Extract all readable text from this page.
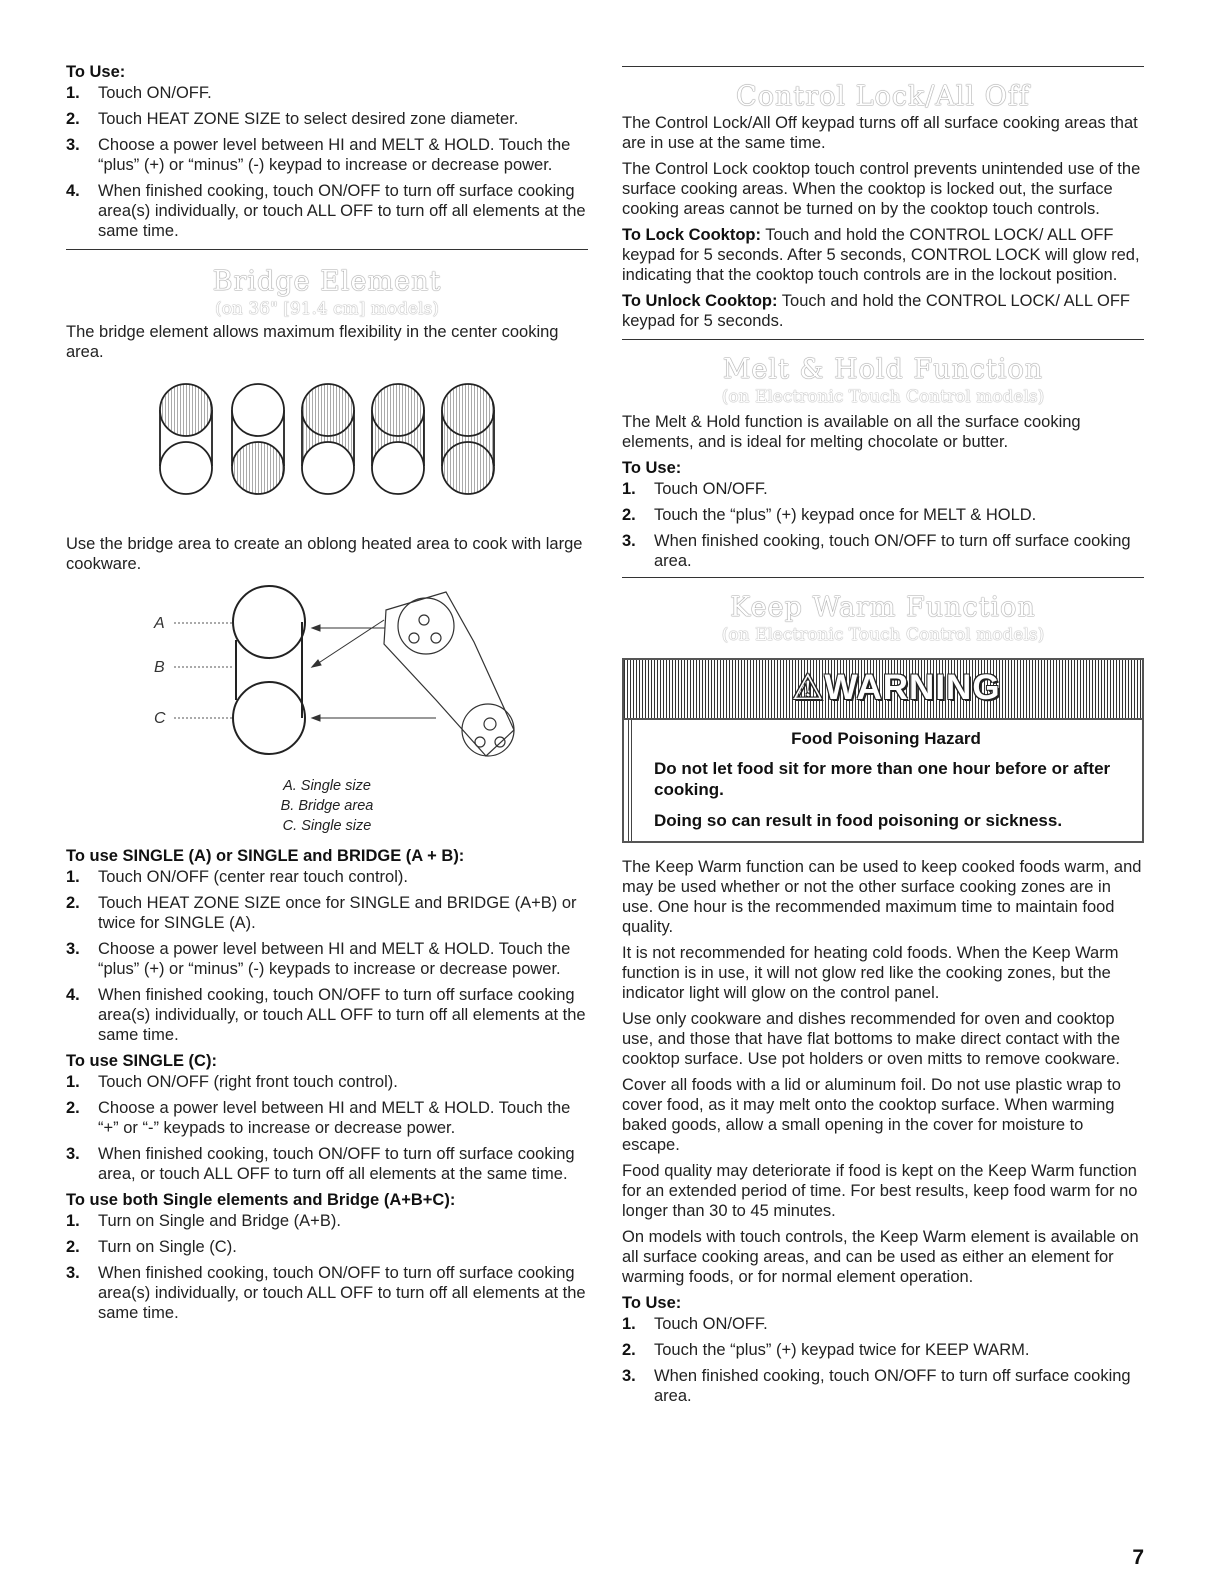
To Use:

1. Touch ON/OFF.
2. Touch HEAT ZONE SIZE to select desired zone diameter.
3. Choose a power level between HI and MELT & HOLD. Touch the “plus” (+) or “minus” (-) keypad to increase or decrease power.
4. When finished cooking, touch ON/OFF to turn off surface cooking area(s) individually, or touch ALL OFF to turn off all elements at the same time.
Bridge Element
(on 36" [91.4 cm] models)

The bridge element allows maximum flexibility in the center cooking area.

Use the bridge area to create an oblong heated area to cook with large cookware.

A
B
C
A. Single size
B. Bridge area
C. Single size

To use SINGLE (A) or SINGLE and BRIDGE (A + B):

1. Touch ON/OFF (center rear touch control).
2. Touch HEAT ZONE SIZE once for SINGLE and BRIDGE (A+B) or twice for SINGLE (A).
3. Choose a power level between HI and MELT & HOLD. Touch the “plus” (+) or “minus” (-) keypads to increase or decrease power.
4. When finished cooking, touch ON/OFF to turn off surface cooking area(s) individually, or touch ALL OFF to turn off all elements at the same time.

To use SINGLE (C):

1. Touch ON/OFF (right front touch control).
2. Choose a power level between HI and MELT & HOLD. Touch the “+” or “-” keypads to increase or decrease power.
3. When finished cooking, touch ON/OFF to turn off surface cooking area, or touch ALL OFF to turn off all elements at the same time.

To use both Single elements and Bridge (A+B+C):

1. Turn on Single and Bridge (A+B).
2. Turn on Single (C).
3. When finished cooking, touch ON/OFF to turn off surface cooking area(s) individually, or touch ALL OFF to turn off all elements at the same time.
Control Lock/All Off

The Control Lock/All Off keypad turns off all surface cooking areas that are in use at the same time.

The Control Lock cooktop touch control prevents unintended use of the surface cooking areas. When the cooktop is locked out, the surface cooking areas cannot be turned on by the cooktop touch controls.

To Lock Cooktop: Touch and hold the CONTROL LOCK/ ALL OFF keypad for 5 seconds. After 5 seconds, CONTROL LOCK will glow red, indicating that the cooktop touch controls are in the lockout position.

To Unlock Cooktop: Touch and hold the CONTROL LOCK/ ALL OFF keypad for 5 seconds.

Melt & Hold Function
(on Electronic Touch Control models)

The Melt & Hold function is available on all the surface cooking elements, and is ideal for melting chocolate or butter.

To Use:

1. Touch ON/OFF.
2. Touch the “plus” (+) keypad once for MELT & HOLD.
3. When finished cooking, touch ON/OFF to turn off surface cooking area.
Keep Warm Function
(on Electronic Touch Control models)
⚠WARNING

Food Poisoning Hazard

Do not let food sit for more than one hour before or after cooking.

Doing so can result in food poisoning or sickness.

The Keep Warm function can be used to keep cooked foods warm, and may be used whether or not the other surface cooking zones are in use. One hour is the recommended maximum time to maintain food quality.

It is not recommended for heating cold foods. When the Keep Warm function is in use, it will not glow red like the cooking zones, but the indicator light will glow on the control panel.

Use only cookware and dishes recommended for oven and cooktop use, and those that have flat bottoms to make direct contact with the cooktop surface. Use pot holders or oven mitts to remove cookware.

Cover all foods with a lid or aluminum foil. Do not use plastic wrap to cover food, as it may melt onto the cooktop surface. When warming baked goods, allow a small opening in the cover for moisture to escape.

Food quality may deteriorate if food is kept on the Keep Warm function for an extended period of time. For best results, keep food warm for no longer than 30 to 45 minutes.

On models with touch controls, the Keep Warm element is available on all surface cooking areas, and can be used as either an element for warming foods, or for normal element operation.

To Use:

1. Touch ON/OFF.
2. Touch the “plus” (+) keypad twice for KEEP WARM.
3. When finished cooking, touch ON/OFF to turn off surface cooking area.
7
